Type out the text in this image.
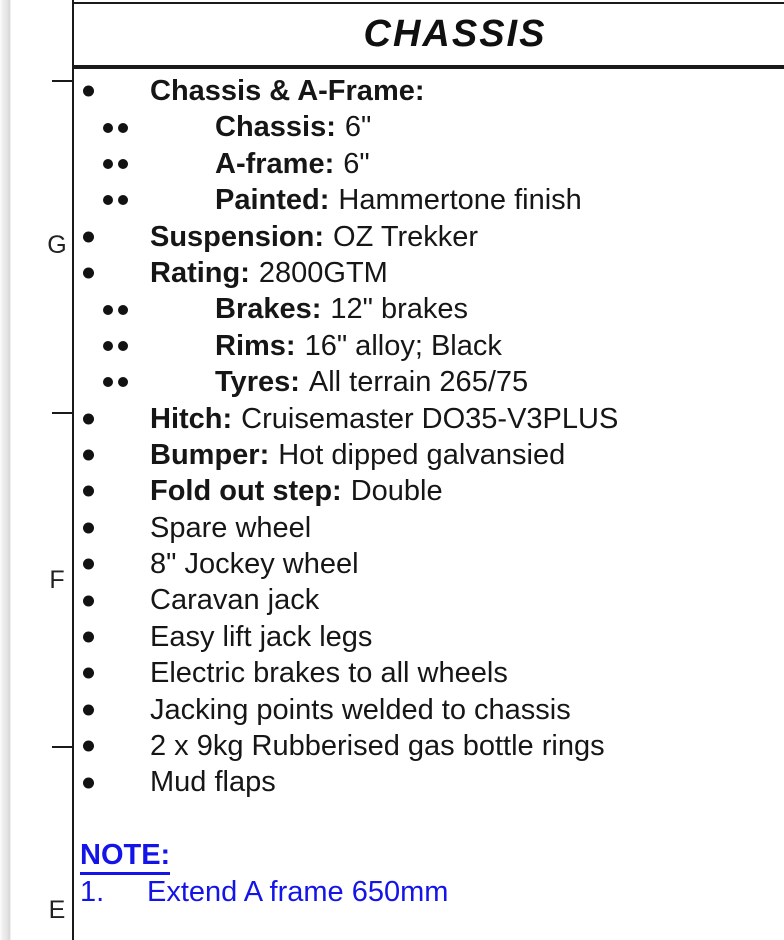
CHASSIS
G
F
E
Chassis & A-Frame:
Chassis: 6"
A-frame: 6"
Painted: Hammertone finish
Suspension: OZ Trekker
Rating: 2800GTM
Brakes: 12" brakes
Rims: 16" alloy; Black
Tyres: All terrain 265/75
Hitch: Cruisemaster DO35-V3PLUS
Bumper: Hot dipped galvansied
Fold out step: Double
Spare wheel
8" Jockey wheel
Caravan jack
Easy lift jack legs
Electric brakes to all wheels
Jacking points welded to chassis
2 x 9kg Rubberised gas bottle rings
Mud flaps
NOTE:
1. Extend A frame 650mm
